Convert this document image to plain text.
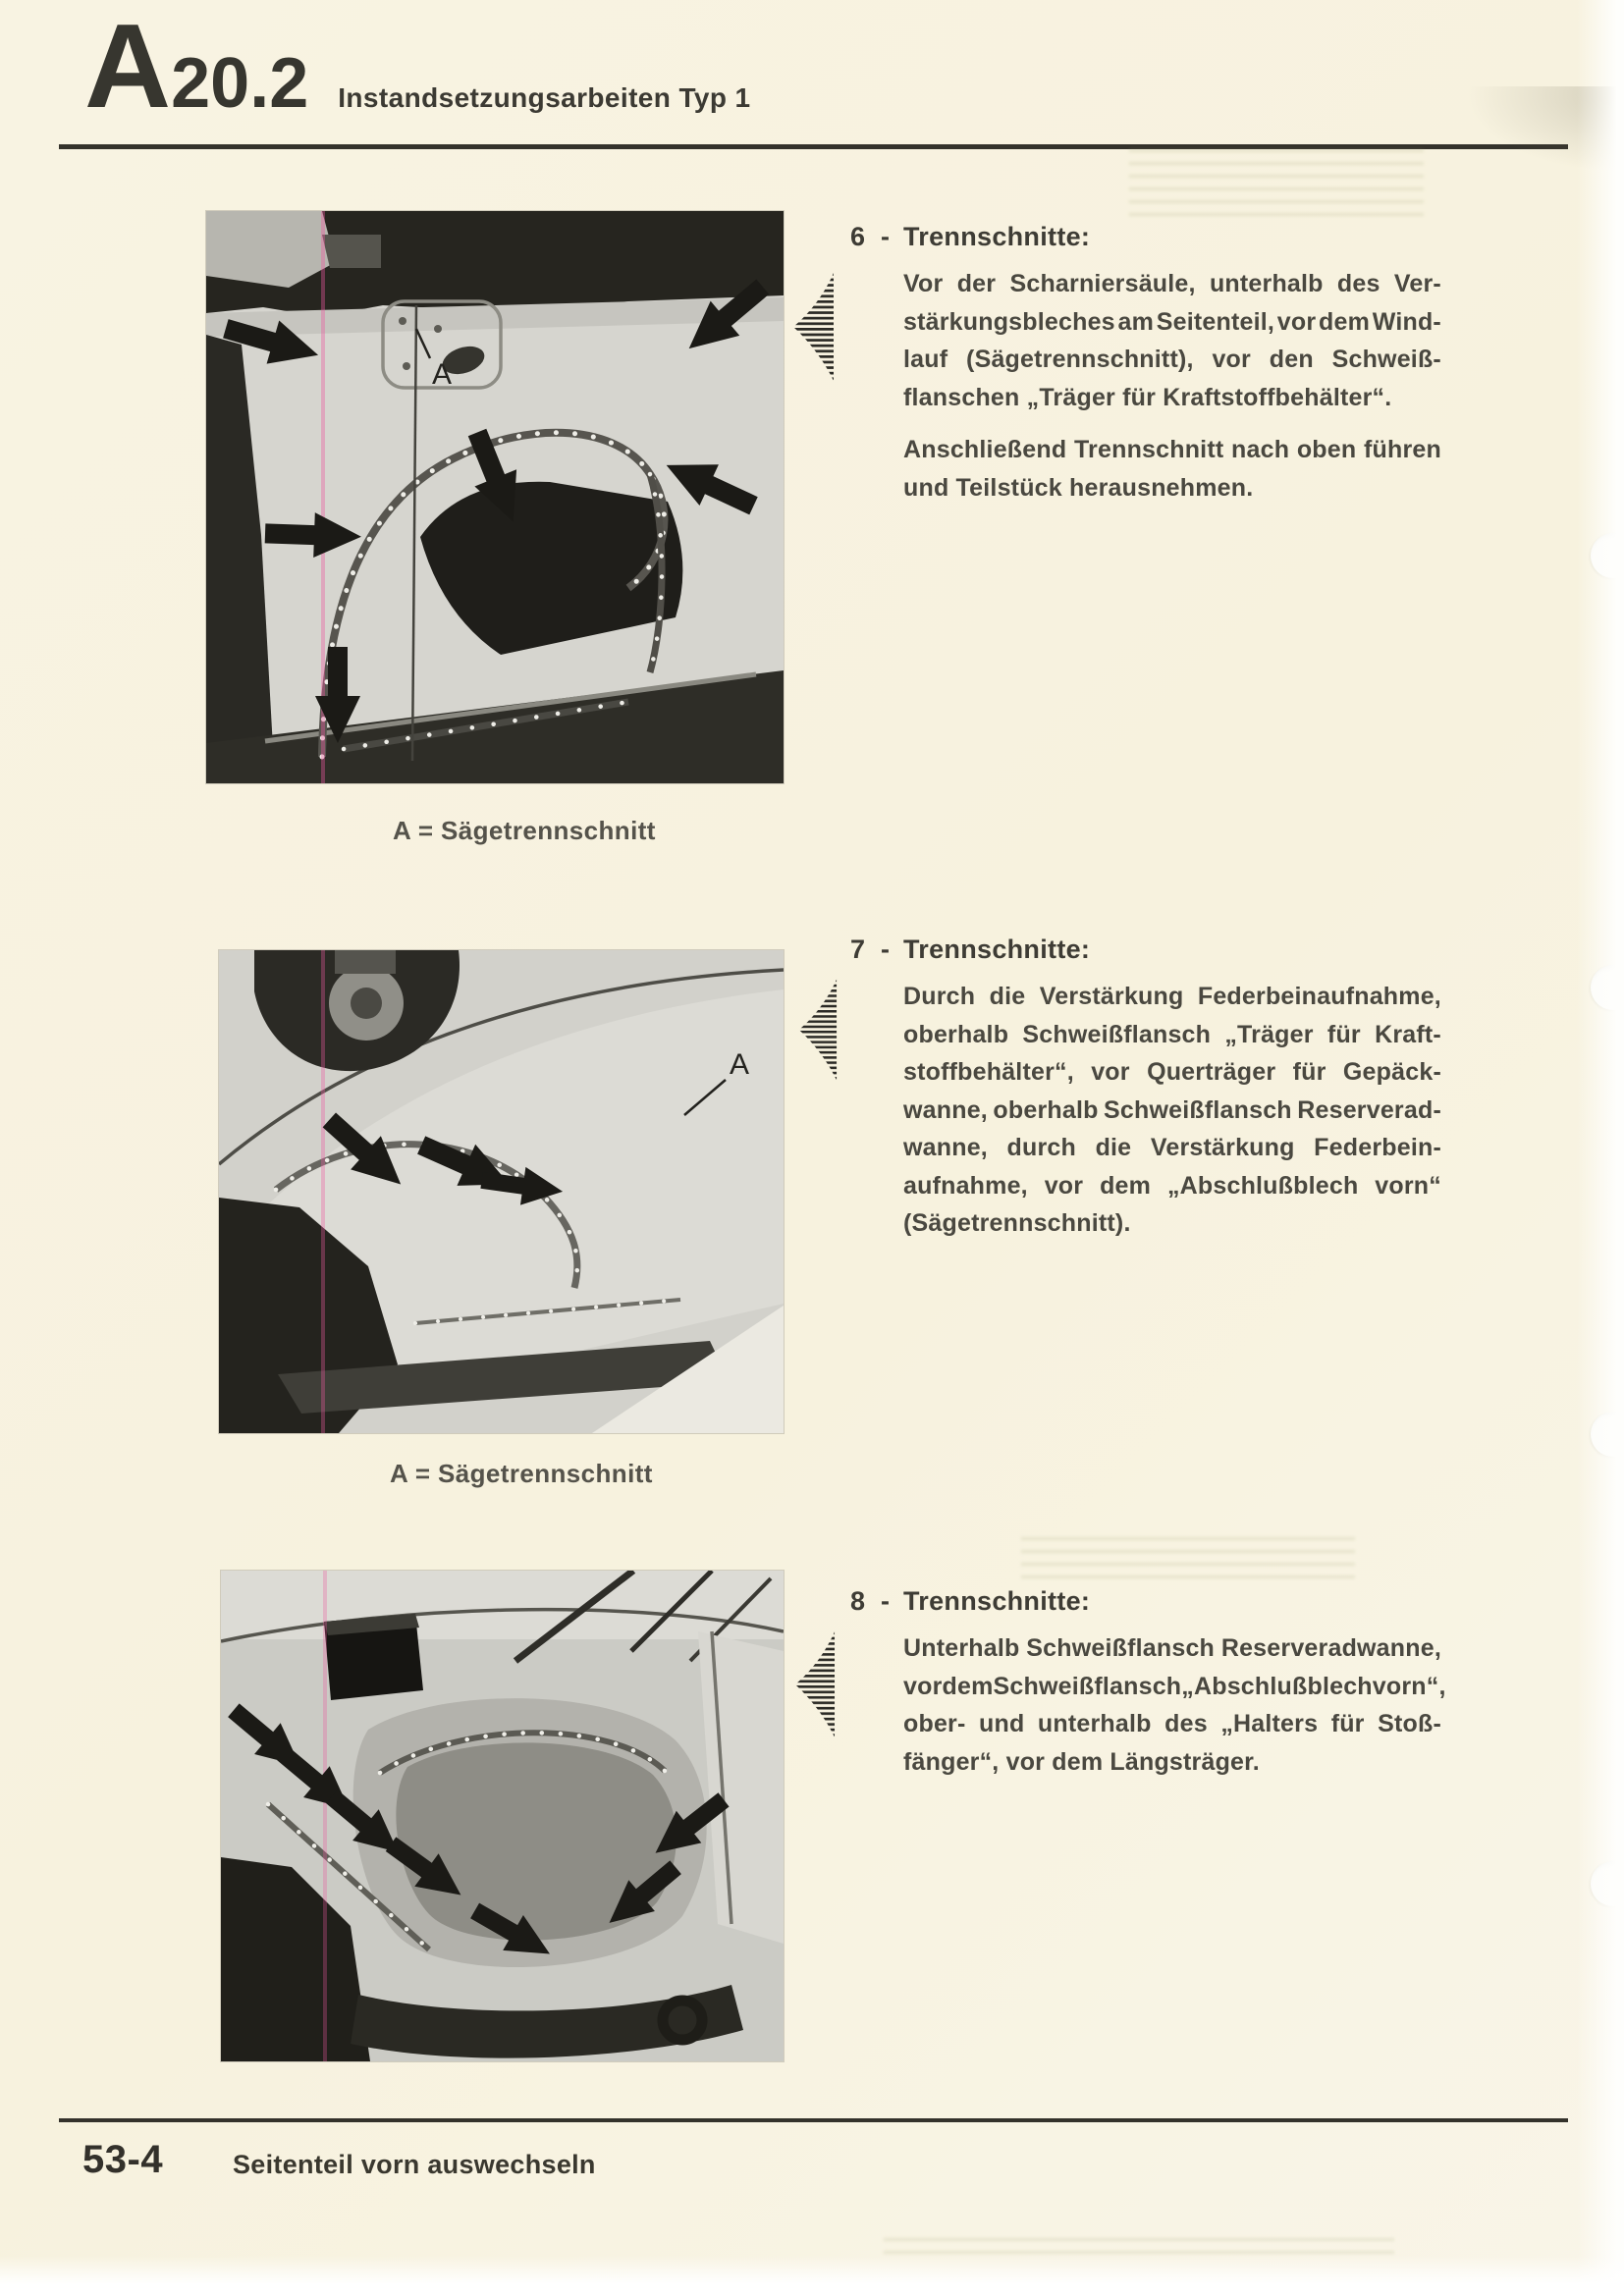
A 20.2 Instandsetzungsarbeiten Typ 1
A
A = Sägetrennschnitt
A
A = Sägetrennschnitt
6 - Trennschnitte:
Vor der Scharniersäule, unterhalb des Ver-
stärkungsbleches am Seitenteil, vor dem Wind-
lauf (Sägetrennschnitt), vor den Schweiß-
flanschen „Träger für Kraftstoffbehälter“.
Anschließend Trennschnitt nach oben führen
und Teilstück herausnehmen.
7 - Trennschnitte:
Durch die Verstärkung Federbeinaufnahme,
oberhalb Schweißflansch „Träger für Kraft-
stoffbehälter“, vor Querträger für Gepäck-
wanne, oberhalb Schweißflansch Reserverad-
wanne, durch die Verstärkung Federbein-
aufnahme, vor dem „Abschlußblech vorn“
(Sägetrennschnitt).
8 - Trennschnitte:
Unterhalb Schweißflansch Reserveradwanne,
vor dem Schweißflansch „Abschlußblech vorn“,
ober- und unterhalb des „Halters für Stoß-
fänger“, vor dem Längsträger.
53-4	Seitenteil vorn auswechseln
